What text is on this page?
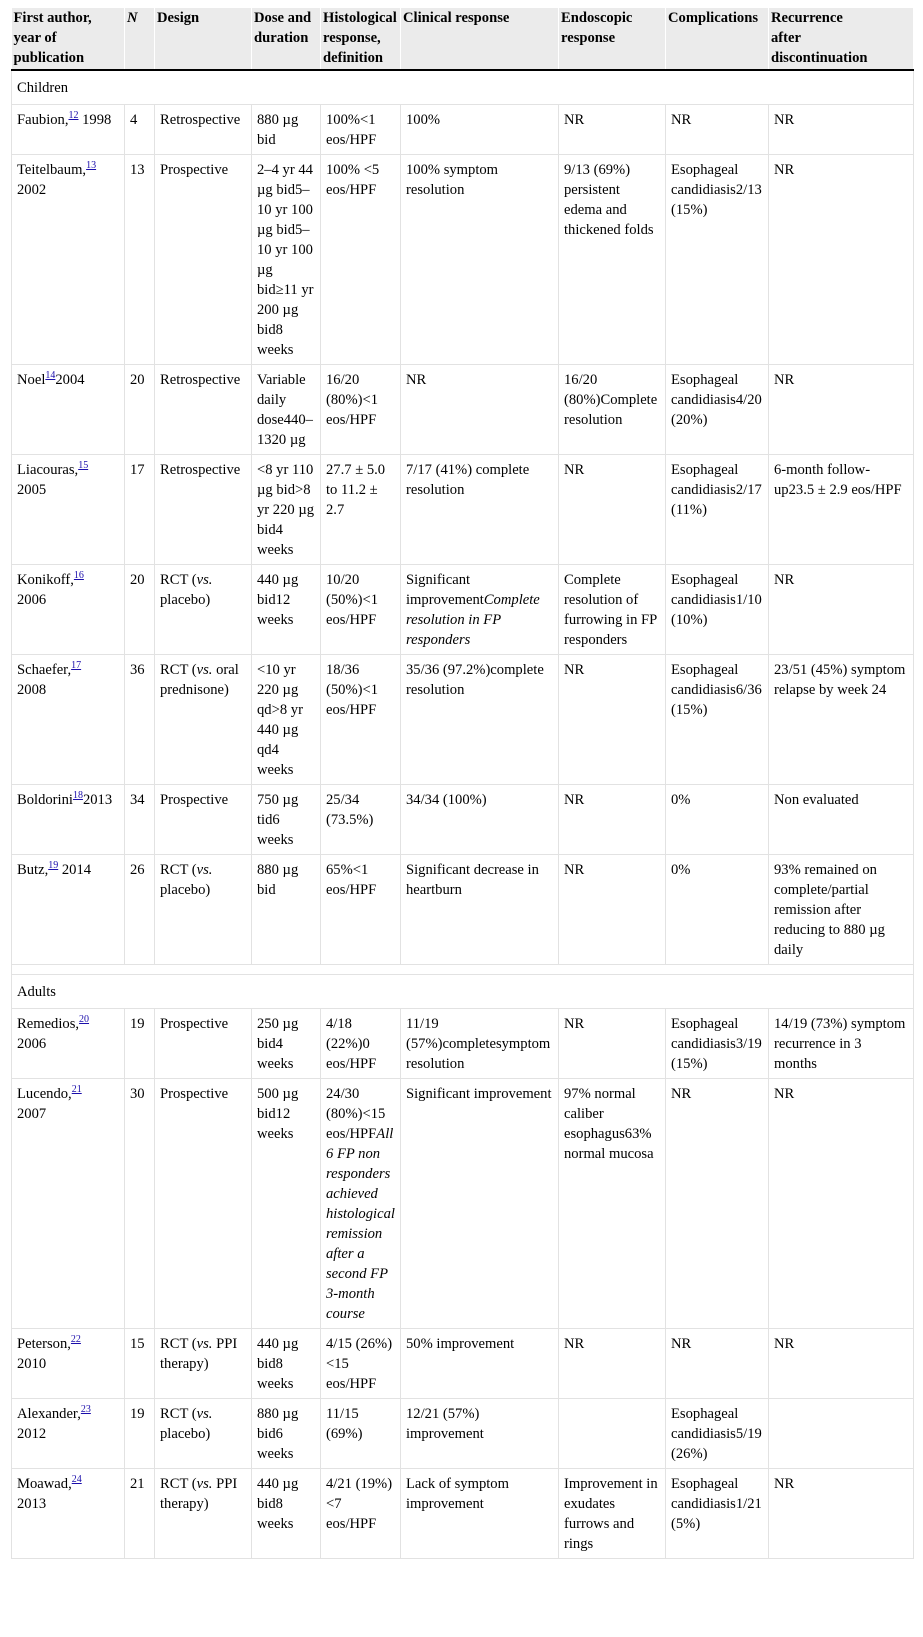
First author,
year of
publication	N	Design	Dose and
duration	Histological
response,
definition	Clinical response	Endoscopic
response	Complications	Recurrence
after
discontinuation
Children								
Faubion,$^{12}$ 1998	4	Retrospective	880 µg bid	100%<1 eos/HPF	100%	NR	NR	NR
Teitelbaum,$^{13}$
2002	13	Prospective	2–4 yr 44 µg bid5–10 yr 100 µg bid5–10 yr 100 µg bid≥11 yr 200 µg bid8 weeks	100% <5 eos/HPF	100% symptom resolution	9/13 (69%) persistent edema and thickened folds	Esophageal candidiasis2/13 (15%)	NR
Noel$^{14}$2004	20	Retrospective	Variable daily dose440–1320 µg	16/20 (80%)<1 eos/HPF	NR	16/20 (80%)Complete resolution	Esophageal candidiasis4/20 (20%)	NR
Liacouras,$^{15}$
2005	17	Retrospective	<8 yr 110 µg bid>8 yr 220 µg bid4 weeks	27.7 ± 5.0 to 11.2 ± 2.7	7/17 (41%) complete resolution	NR	Esophageal candidiasis2/17 (11%)	6-month follow-up23.5 ± 2.9 eos/HPF
Konikoff,$^{16}$
2006	20	RCT (vs. placebo)	440 µg bid12 weeks	10/20 (50%)<1 eos/HPF	Significant improvementComplete resolution in FP responders	Complete resolution of furrowing in FP responders	Esophageal candidiasis1/10 (10%)	NR
Schaefer,$^{17}$
2008	36	RCT (vs. oral prednisone)	<10 yr 220 µg qd>8 yr 440 µg qd4 weeks	18/36 (50%)<1 eos/HPF	35/36 (97.2%)complete resolution	NR	Esophageal candidiasis6/36 (15%)	23/51 (45%) symptom relapse by week 24
Boldorini$^{18}$2013	34	Prospective	750 µg tid6 weeks	25/34 (73.5%)	34/34 (100%)	NR	0%	Non evaluated
Butz,$^{19}$ 2014	26	RCT (vs. placebo)	880 µg bid	65%<1 eos/HPF	Significant decrease in heartburn	NR	0%	93% remained on complete/partial remission after reducing to 880 µg daily

Adults								
Remedios,$^{20}$
2006	19	Prospective	250 µg bid4 weeks	4/18 (22%)0 eos/HPF	11/19 (57%)completesymptom resolution	NR	Esophageal candidiasis3/19 (15%)	14/19 (73%) symptom recurrence in 3 months
Lucendo,$^{21}$
2007	30	Prospective	500 µg bid12 weeks	24/30 (80%)<15 eos/HPFAll 6 FP non responders achieved histological remission after a second FP 3-month course	Significant improvement	97% normal caliber esophagus63% normal mucosa	NR	NR
Peterson,$^{22}$
2010	15	RCT (vs. PPI therapy)	440 µg bid8 weeks	4/15 (26%) <15 eos/HPF	50% improvement	NR	NR	NR
Alexander,$^{23}$
2012	19	RCT (vs. placebo)	880 µg bid6 weeks	11/15 (69%)	12/21 (57%) improvement		Esophageal candidiasis5/19 (26%)	
Moawad,$^{24}$
2013	21	RCT (vs. PPI therapy)	440 µg bid8 weeks	4/21 (19%) <7 eos/HPF	Lack of symptom improvement	Improvement in exudates furrows and rings	Esophageal candidiasis1/21 (5%)	NR
